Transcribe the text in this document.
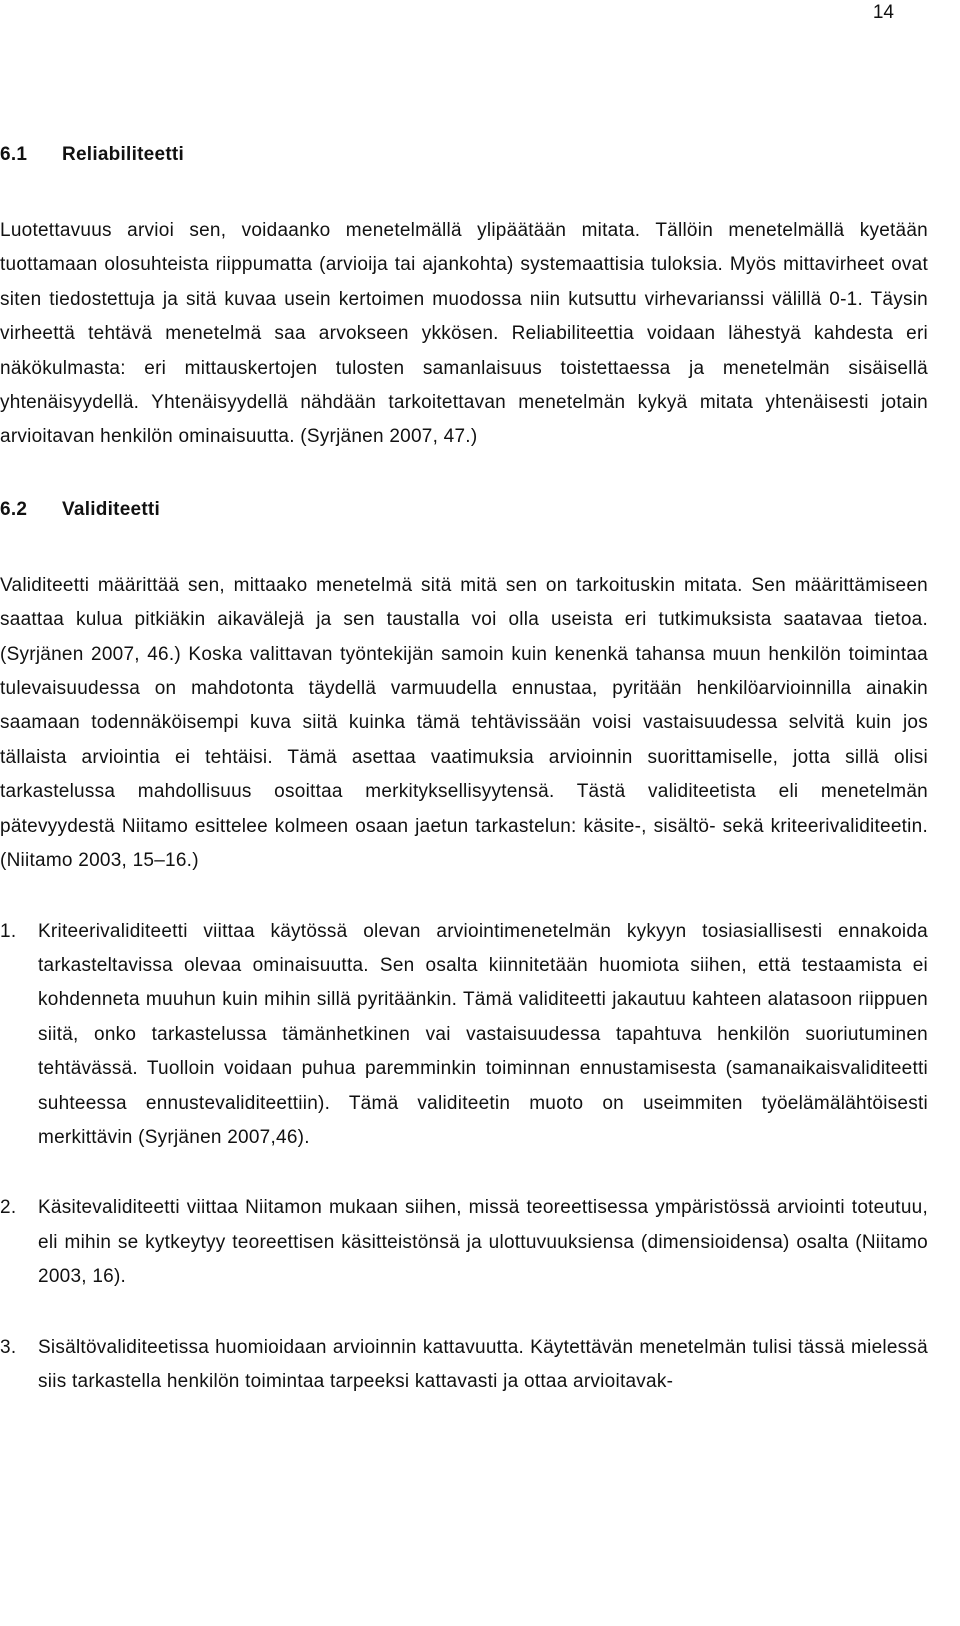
14
6.1	Reliabiliteetti

Luotettavuus arvioi sen, voidaanko menetelmällä ylipäätään mitata. Tällöin menetelmällä kyetään tuottamaan olosuhteista riippumatta (arvioija tai ajankohta) systemaattisia tuloksia. Myös mittavirheet ovat siten tiedostettuja ja sitä kuvaa usein kertoimen muodossa niin kutsuttu virhevarianssi välillä 0-1. Täysin virheettä tehtävä menetelmä saa arvokseen ykkösen. Reliabiliteettia voidaan lähestyä kahdesta eri näkökulmasta: eri mittauskertojen tulosten samanlaisuus toistettaessa ja menetelmän sisäisellä yhtenäisyydellä. Yhtenäisyydellä nähdään tarkoitettavan menetelmän kykyä mitata yhtenäisesti jotain arvioitavan henkilön ominaisuutta. (Syrjänen 2007, 47.)

6.2	Validiteetti

Validiteetti määrittää sen, mittaako menetelmä sitä mitä sen on tarkoituskin mitata. Sen määrittämiseen saattaa kulua pitkiäkin aikavälejä ja sen taustalla voi olla useista eri tutkimuksista saatavaa tietoa. (Syrjänen 2007, 46.) Koska valittavan työntekijän samoin kuin kenenkä tahansa muun henkilön toimintaa tulevaisuudessa on mahdotonta täydellä varmuudella ennustaa, pyritään henkilöarvioinnilla ainakin saamaan todennäköisempi kuva siitä kuinka tämä tehtävissään voisi vastaisuudessa selvitä kuin jos tällaista arviointia ei tehtäisi. Tämä asettaa vaatimuksia arvioinnin suorittamiselle, jotta sillä olisi tarkastelussa mahdollisuus osoittaa merkityksellisyytensä. Tästä validiteetista eli menetelmän pätevyydestä Niitamo esittelee kolmeen osaan jaetun tarkastelun: käsite-, sisältö- sekä kriteerivaliditeetin. (Niitamo 2003, 15–16.)

1.	Kriteerivaliditeetti viittaa käytössä olevan arviointimenetelmän kykyyn tosiasiallisesti ennakoida tarkasteltavissa olevaa ominaisuutta. Sen osalta kiinnitetään huomiota siihen, että testaamista ei kohdenneta muuhun kuin mihin sillä pyritäänkin. Tämä validiteetti jakautuu kahteen alatasoon riippuen siitä, onko tarkastelussa tämänhetkinen vai vastaisuudessa tapahtuva henkilön suoriutuminen tehtävässä. Tuolloin voidaan puhua paremminkin toiminnan ennustamisesta (samanaikaisvaliditeetti suhteessa ennustevaliditeettiin). Tämä validiteetin muoto on useimmiten työelämälähtöisesti merkittävin (Syrjänen 2007,46).
2.	Käsitevaliditeetti viittaa Niitamon mukaan siihen, missä teoreettisessa ympäristössä arviointi toteutuu, eli mihin se kytkeytyy teoreettisen käsitteistönsä ja ulottuvuuksiensa (dimensioidensa) osalta (Niitamo 2003, 16).
3.	Sisältövaliditeetissa huomioidaan arvioinnin kattavuutta. Käytettävän menetelmän tulisi tässä mielessä siis tarkastella henkilön toimintaa tarpeeksi kattavasti ja ottaa arvioitavak-
